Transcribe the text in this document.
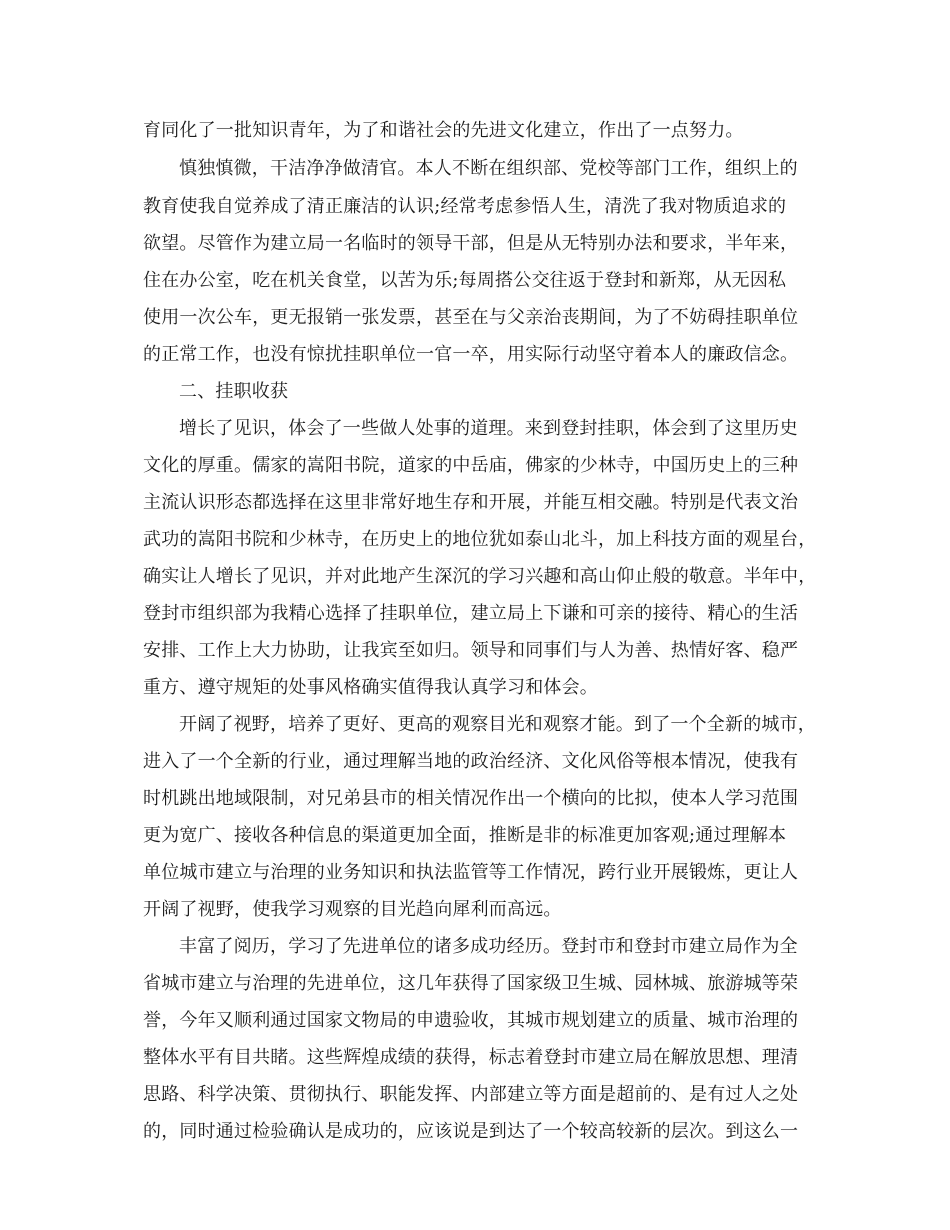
育同化了一批知识青年，为了和谐社会的先进文化建立，作出了一点努力。
慎独慎微，干洁净净做清官。本人不断在组织部、党校等部门工作，组织上的
教育使我自觉养成了清正廉洁的认识;经常考虑参悟人生，清洗了我对物质追求的
欲望。尽管作为建立局一名临时的领导干部，但是从无特别办法和要求，半年来，
住在办公室，吃在机关食堂，以苦为乐;每周搭公交往返于登封和新郑，从无因私
使用一次公车，更无报销一张发票，甚至在与父亲治丧期间，为了不妨碍挂职单位
的正常工作，也没有惊扰挂职单位一官一卒，用实际行动坚守着本人的廉政信念。
二、挂职收获
增长了见识，体会了一些做人处事的道理。来到登封挂职，体会到了这里历史
文化的厚重。儒家的嵩阳书院，道家的中岳庙，佛家的少林寺，中国历史上的三种
主流认识形态都选择在这里非常好地生存和开展，并能互相交融。特别是代表文治
武功的嵩阳书院和少林寺，在历史上的地位犹如泰山北斗，加上科技方面的观星台，
确实让人增长了见识，并对此地产生深沉的学习兴趣和高山仰止般的敬意。半年中，
登封市组织部为我精心选择了挂职单位，建立局上下谦和可亲的接待、精心的生活
安排、工作上大力协助，让我宾至如归。领导和同事们与人为善、热情好客、稳严
重方、遵守规矩的处事风格确实值得我认真学习和体会。
开阔了视野，培养了更好、更高的观察目光和观察才能。到了一个全新的城市，
进入了一个全新的行业，通过理解当地的政治经济、文化风俗等根本情况，使我有
时机跳出地域限制，对兄弟县市的相关情况作出一个横向的比拟，使本人学习范围
更为宽广、接收各种信息的渠道更加全面，推断是非的标准更加客观;通过理解本
单位城市建立与治理的业务知识和执法监管等工作情况，跨行业开展锻炼，更让人
开阔了视野，使我学习观察的目光趋向犀利而高远。
丰富了阅历，学习了先进单位的诸多成功经历。登封市和登封市建立局作为全
省城市建立与治理的先进单位，这几年获得了国家级卫生城、园林城、旅游城等荣
誉，今年又顺利通过国家文物局的申遗验收，其城市规划建立的质量、城市治理的
整体水平有目共睹。这些辉煌成绩的获得，标志着登封市建立局在解放思想、理清
思路、科学决策、贯彻执行、职能发挥、内部建立等方面是超前的、是有过人之处
的，同时通过检验确认是成功的，应该说是到达了一个较高较新的层次。到这么一
